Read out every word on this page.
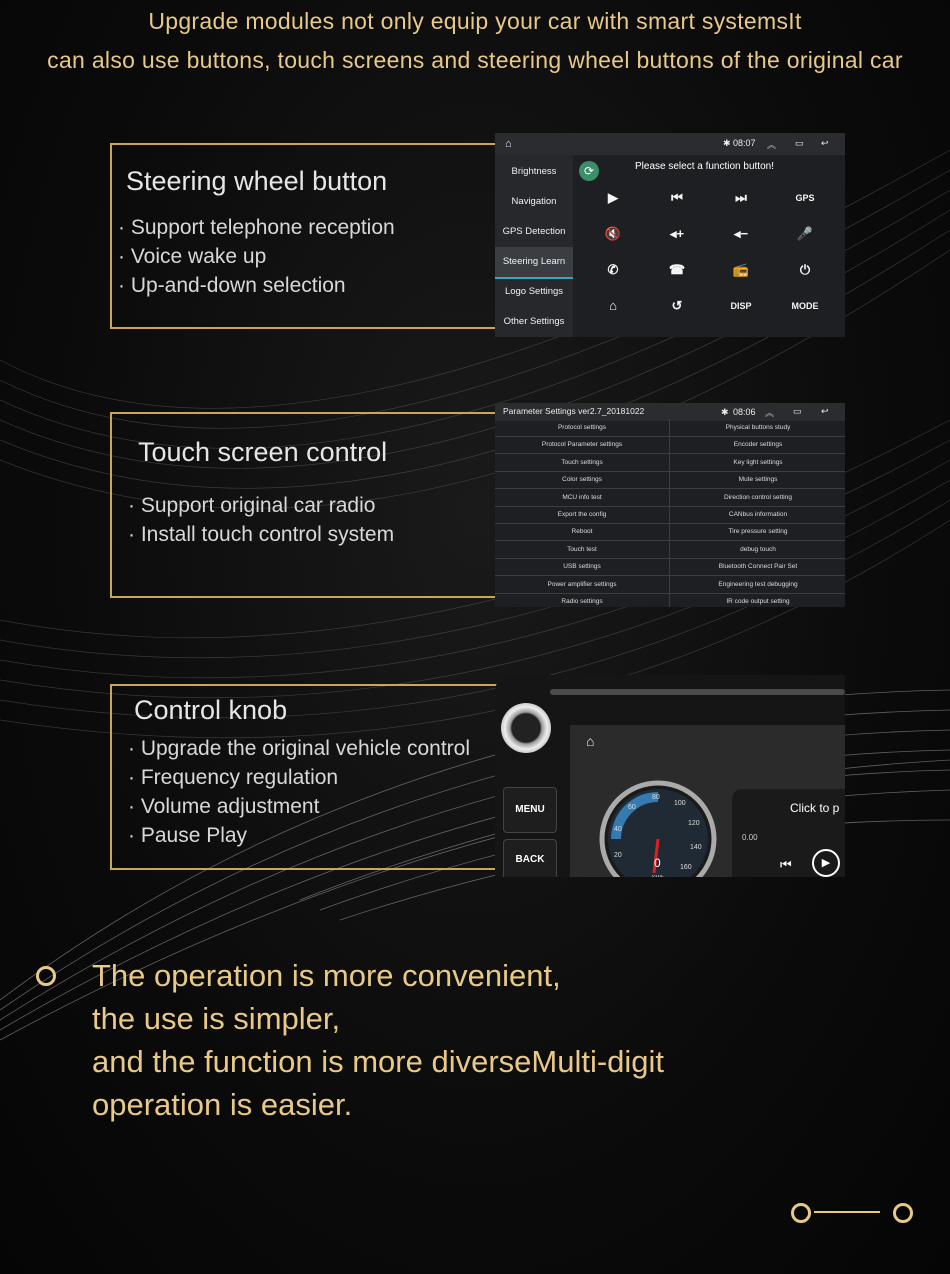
Upgrade modules not only equip your car with smart systemsIt
can also use buttons, touch screens and steering wheel buttons of the original car
Steering wheel button
· Support telephone reception
· Voice wake up
· Up-and-down selection
⌂	✱ 08:07 ︽ ▭ ↩
Brightness
Navigation
GPS Detection
Steering Learn
Logo Settings
Other Settings
⟳	Please select a function button!
▶	⏮	⏭	GPS
🔇	◂+	◂−	🎤
✆	☎	📻	⏻
⌂	↺	DISP	MODE
Touch screen control
· Support original car radio
· Install touch control system
Parameter Settings ver2.7_20181022	✱ 08:06 ︽ ▭ ↩
Protocol settings	Physical buttons study
Protocol Parameter settings	Encoder settings
Touch settings	Key light settings
Color settings	Mute settings
MCU info test	Direction control setting
Export the config	CANbus information
Reboot	Tire pressure setting
Touch test	debug touch
USB settings	Bluetooth Connect Pair Set
Power amplifier settings	Engineering test debugging
Radio settings	IR code output setting
Control knob
· Upgrade the original vehicle control
· Frequency regulation
· Volume adjustment
· Pause Play
MENU
BACK
⌂
Click to p
0.00
⏮	▶
20
40
60
80
100
120
140
160
0
The operation is more convenient,
the use is simpler,
and the function is more diverseMulti-digit
operation is easier.
